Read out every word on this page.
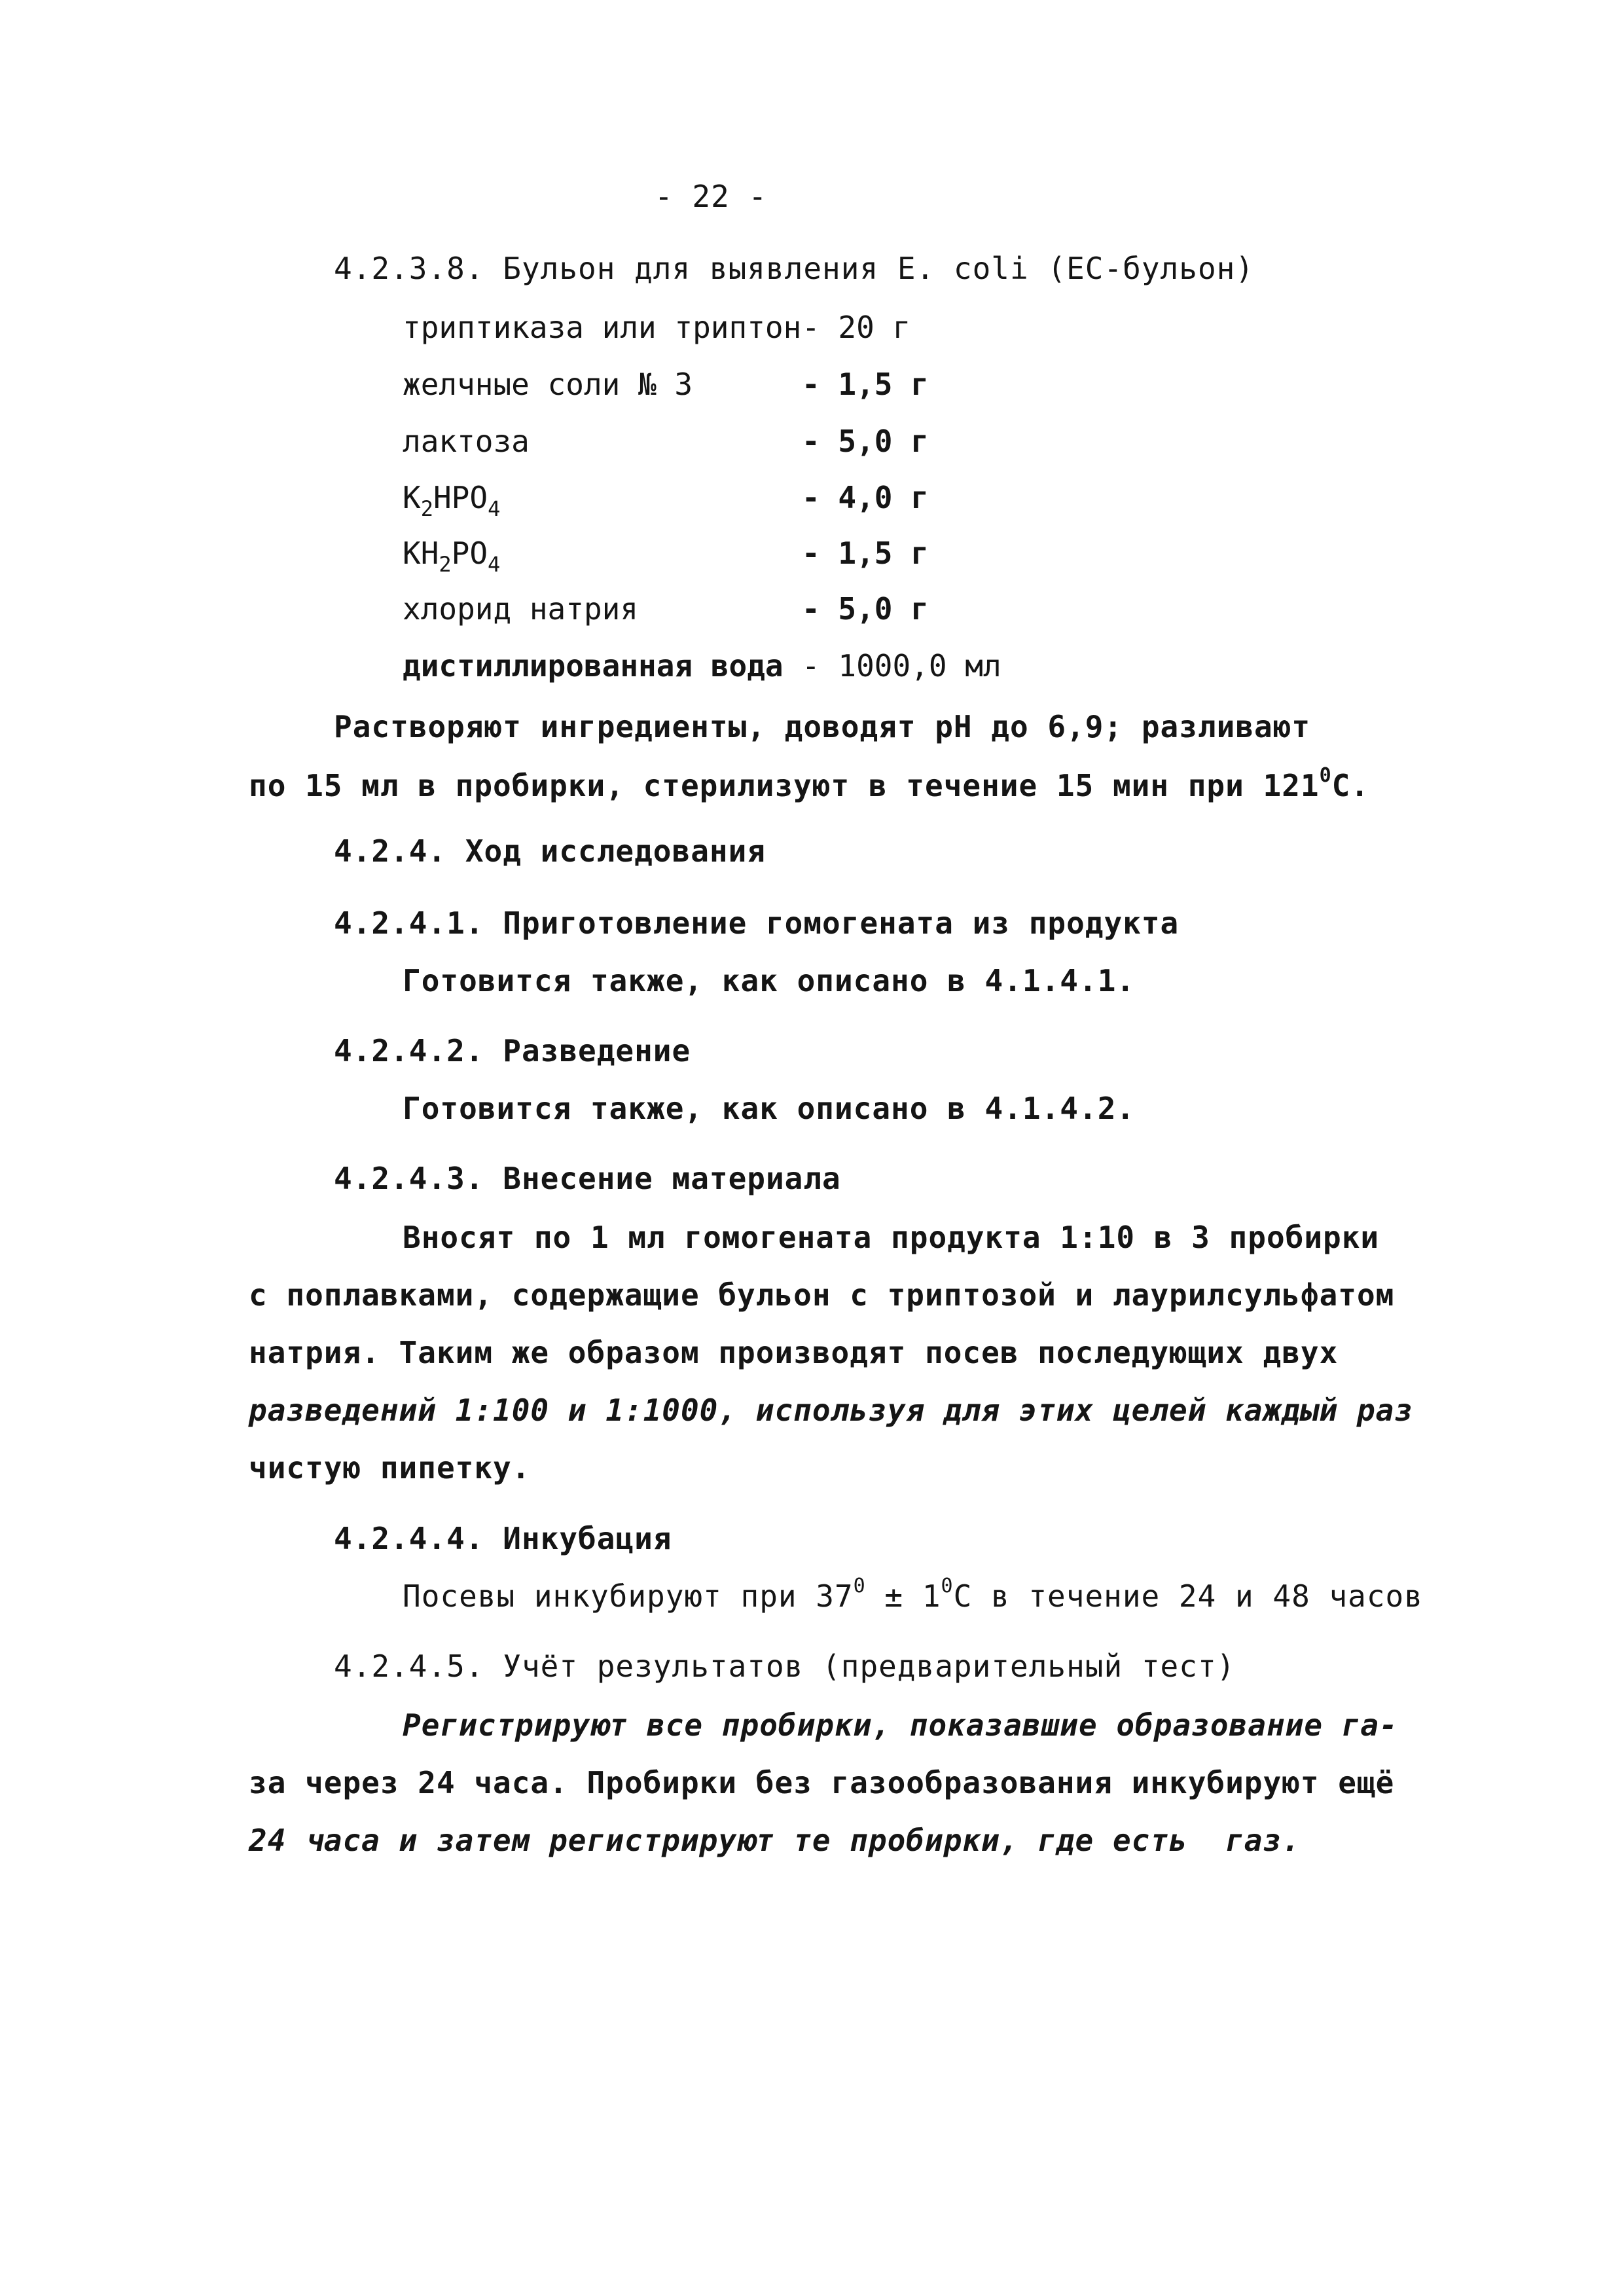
- 22 -
4.2.3.8. Бульон для выявления E. coli (EC-бульон)
триптиказа или триптон - 20 г
желчные соли № 3	- 1,5 г
лактоза	- 5,0 г
$K_2HPO_4$	- 4,0 г
$KH_2PO_4$	- 1,5 г
хлорид натрия	- 5,0 г
дистиллированная вода - 1000,0 мл
Растворяют ингредиенты, доводят pH до 6,9; разливают
по 15 мл в пробирки, стерилизуют в течение 15 мин при $121^0C$.
4.2.4. Ход исследования
4.2.4.1. Приготовление гомогената из продукта
Готовится также, как описано в 4.1.4.1.
4.2.4.2. Разведение
Готовится также, как описано в 4.1.4.2.
4.2.4.3. Внесение материала
Вносят по 1 мл гомогената продукта 1:10 в 3 пробирки
с поплавками, содержащие бульон с триптозой и лаурилсульфатом
натрия. Таким же образом производят посев последующих двух
разведений 1:100 и 1:1000, используя для этих целей каждый раз
чистую пипетку.
4.2.4.4. Инкубация
Посевы инкубируют при $37^0 \pm 1^0C$ в течение 24 и 48 часов
4.2.4.5. Учёт результатов (предварительный тест)
Регистрируют все пробирки, показавшие образование га-
за через 24 часа. Пробирки без газообразования инкубируют ещё
24 часа и затем регистрируют те пробирки, где есть  газ.
